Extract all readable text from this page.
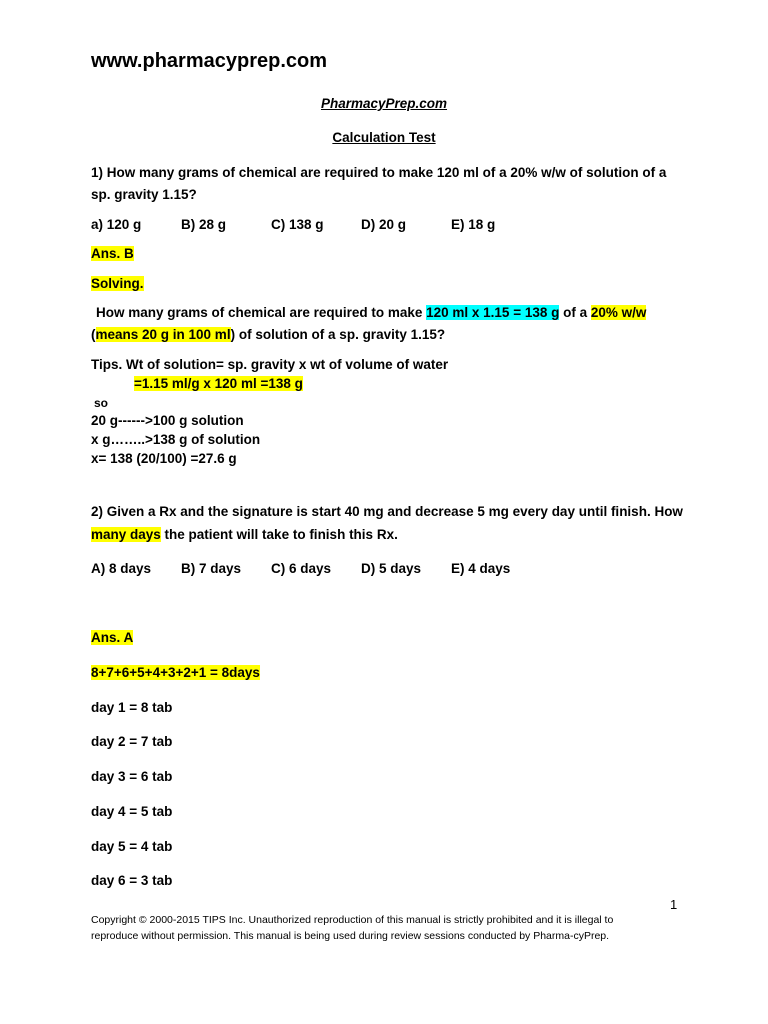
www.pharmacyprep.com
PharmacyPrep.com
Calculation Test
1) How many grams of chemical are required to make 120 ml of a 20% w/w of solution of a
sp. gravity 1.15?
a) 120 g	B) 28 g	C) 138 g	D) 20 g	E) 18 g
Ans. B
Solving.
How many grams of chemical are required to make 120 ml x 1.15 = 138 g of a 20% w/w
(means 20 g in 100 ml) of solution of a sp. gravity 1.15?
Tips. Wt of solution= sp. gravity x wt of volume of water
=1.15 ml/g x 120 ml =138 g
so
20 g------>100 g solution
x g……..>138 g of solution
x= 138 (20/100) =27.6 g
2) Given a Rx and the signature is start 40 mg and decrease 5 mg every day until finish. How
many days the patient will take to finish this Rx.
A) 8 days B) 7 days C) 6 days D) 5 days E) 4 days
Ans. A
8+7+6+5+4+3+2+1 = 8days
day 1 = 8 tab
day 2 = 7 tab
day 3 = 6 tab
day 4 = 5 tab
day 5 = 4 tab
day 6 = 3 tab
1
Copyright © 2000-2015 TIPS Inc. Unauthorized reproduction of this manual is strictly prohibited and it is illegal to reproduce without permission. This manual is being used during review sessions conducted by Pharma-cyPrep.
